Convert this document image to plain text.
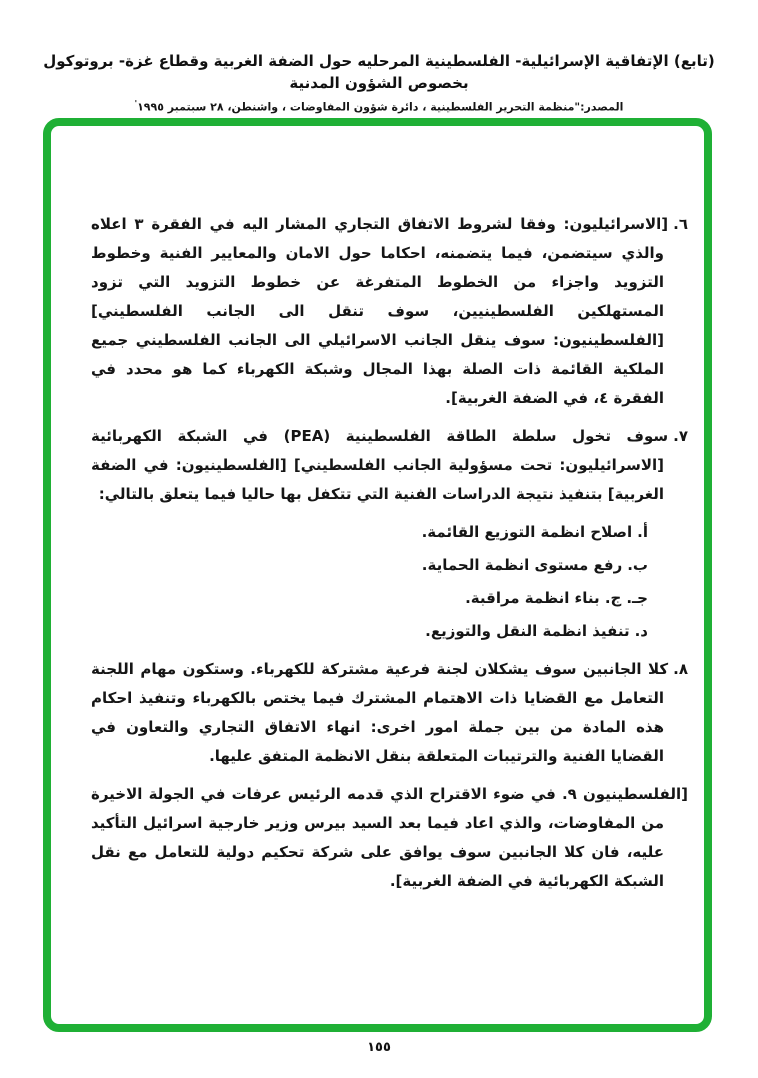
(تابع) الإتفاقية الإسرائيلية- الفلسطينية المرحليه حول الضفة الغربية وقطاع غزة- بروتوكول بخصوص الشؤون المدنية
المصدر:"منظمة التحرير الفلسطينية ، دائرة شؤون المفاوضات ، واشنطن، ٢٨ سبتمبر ١٩٩٥'

٦.[الاسرائيليون: وفقا لشروط الاتفاق التجاري المشار اليه في الفقرة ٣ اعلاه والذي سيتضمن، فيما يتضمنه، احكاما حول الامان والمعايير الفنية وخطوط التزويد واجزاء من الخطوط المتفرغة عن خطوط التزويد التي تزود المستهلكين الفلسطينيين، سوف تنقل الى الجانب الفلسطيني] [الفلسطينيون: سوف ينقل الجانب الاسرائيلي الى الجانب الفلسطيني جميع الملكية القائمة ذات الصلة بهذا المجال وشبكة الكهرباء كما هو محدد في الفقرة ٤، في الضفة الغربية].

٧.سوف تخول سلطة الطاقة الفلسطينية (PEA) في الشبكة الكهربائية [الاسرائيليون: تحت مسؤولية الجانب الفلسطيني] [الفلسطينيون: في الضفة الغربية] بتنفيذ نتيجة الدراسات الفنية التي تتكفل بها حاليا فيما يتعلق بالتالي:

أ.اصلاح انظمة التوزيع القائمة.

ب.رفع مستوى انظمة الحماية.

جـ.ج. بناء انظمة مراقبة.

د.تنفيذ انظمة النقل والتوزيع.

٨.كلا الجانبين سوف يشكلان لجنة فرعية مشتركة للكهرباء. وستكون مهام اللجنة التعامل مع القضايا ذات الاهتمام المشترك فيما يختص بالكهرباء وتنفيذ احكام هذه المادة من بين جملة امور اخرى: انهاء الاتفاق التجاري والتعاون في القضايا الفنية والترتيبات المتعلقة بنقل الانظمة المتفق عليها.

[الفلسطينيون ٩. في ضوء الاقتراح الذي قدمه الرئيس عرفات في الجولة الاخيرة من المفاوضات، والذي اعاد فيما بعد السيد بيرس وزير خارجية اسرائيل التأكيد عليه، فان كلا الجانبين سوف يوافق على شركة تحكيم دولية للتعامل مع نقل الشبكة الكهربائية في الضفة الغربية].

١٥٥
